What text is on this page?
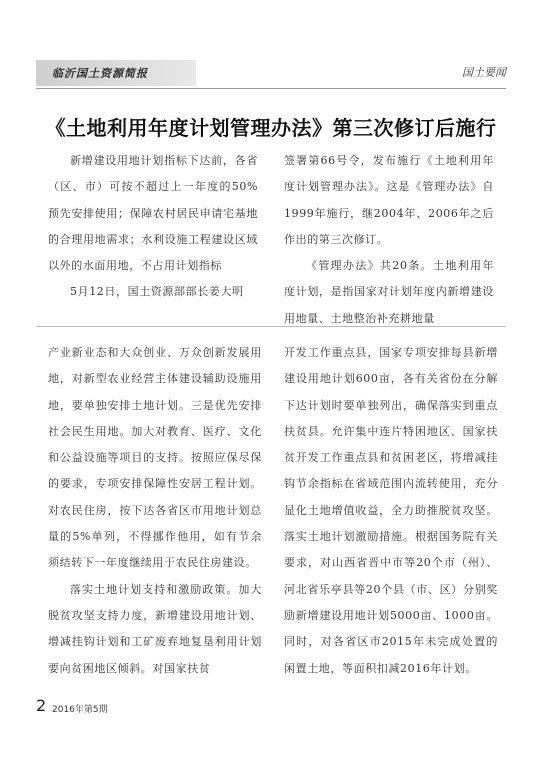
临沂国土资源简报	国土要闻
《土地利用年度计划管理办法》第三次修订后施行

新增建设用地计划指标下达前，各省（区、市）可按不超过上一年度的50%预先安排使用；保障农村居民申请宅基地的合理用地需求；水利设施工程建设区域以外的水面用地，不占用计划指标

5月12日，国土资源部部长姜大明

签署第66号令，发布施行《土地利用年度计划管理办法》。这是《管理办法》自1999年施行，继2004年、2006年之后作出的第三次修订。

《管理办法》共20条。土地利用年度计划，是指国家对计划年度内新增建设用地量、土地整治补充耕地量

产业新业态和大众创业、万众创新发展用地，对新型农业经营主体建设辅助设施用地，要单独安排土地计划。三是优先安排社会民生用地。加大对教育、医疗、文化和公益设施等项目的支持。按照应保尽保的要求，专项安排保障性安居工程计划。对农民住房，按下达各省区市用地计划总量的5%单列，不得挪作他用，如有节余须结转下一年度继续用于农民住房建设。

落实土地计划支持和激励政策。加大脱贫攻坚支持力度，新增建设用地计划、增减挂钩计划和工矿废弃地复垦利用计划要向贫困地区倾斜。对国家扶贫

开发工作重点县，国家专项安排每县新增建设用地计划600亩，各有关省份在分解下达计划时要单独列出，确保落实到重点扶贫县。允许集中连片特困地区、国家扶贫开发工作重点县和贫困老区，将增减挂钩节余指标在省域范围内流转使用，充分显化土地增值收益，全力助推脱贫攻坚。落实土地计划激励措施。根据国务院有关要求，对山西省晋中市等20个市（州）、河北省乐亭县等20个县（市、区）分别奖励新增建设用地计划5000亩、1000亩。同时，对各省区市2015年未完成处置的闲置土地，等面积扣减2016年计划。

2 2016年第5期
